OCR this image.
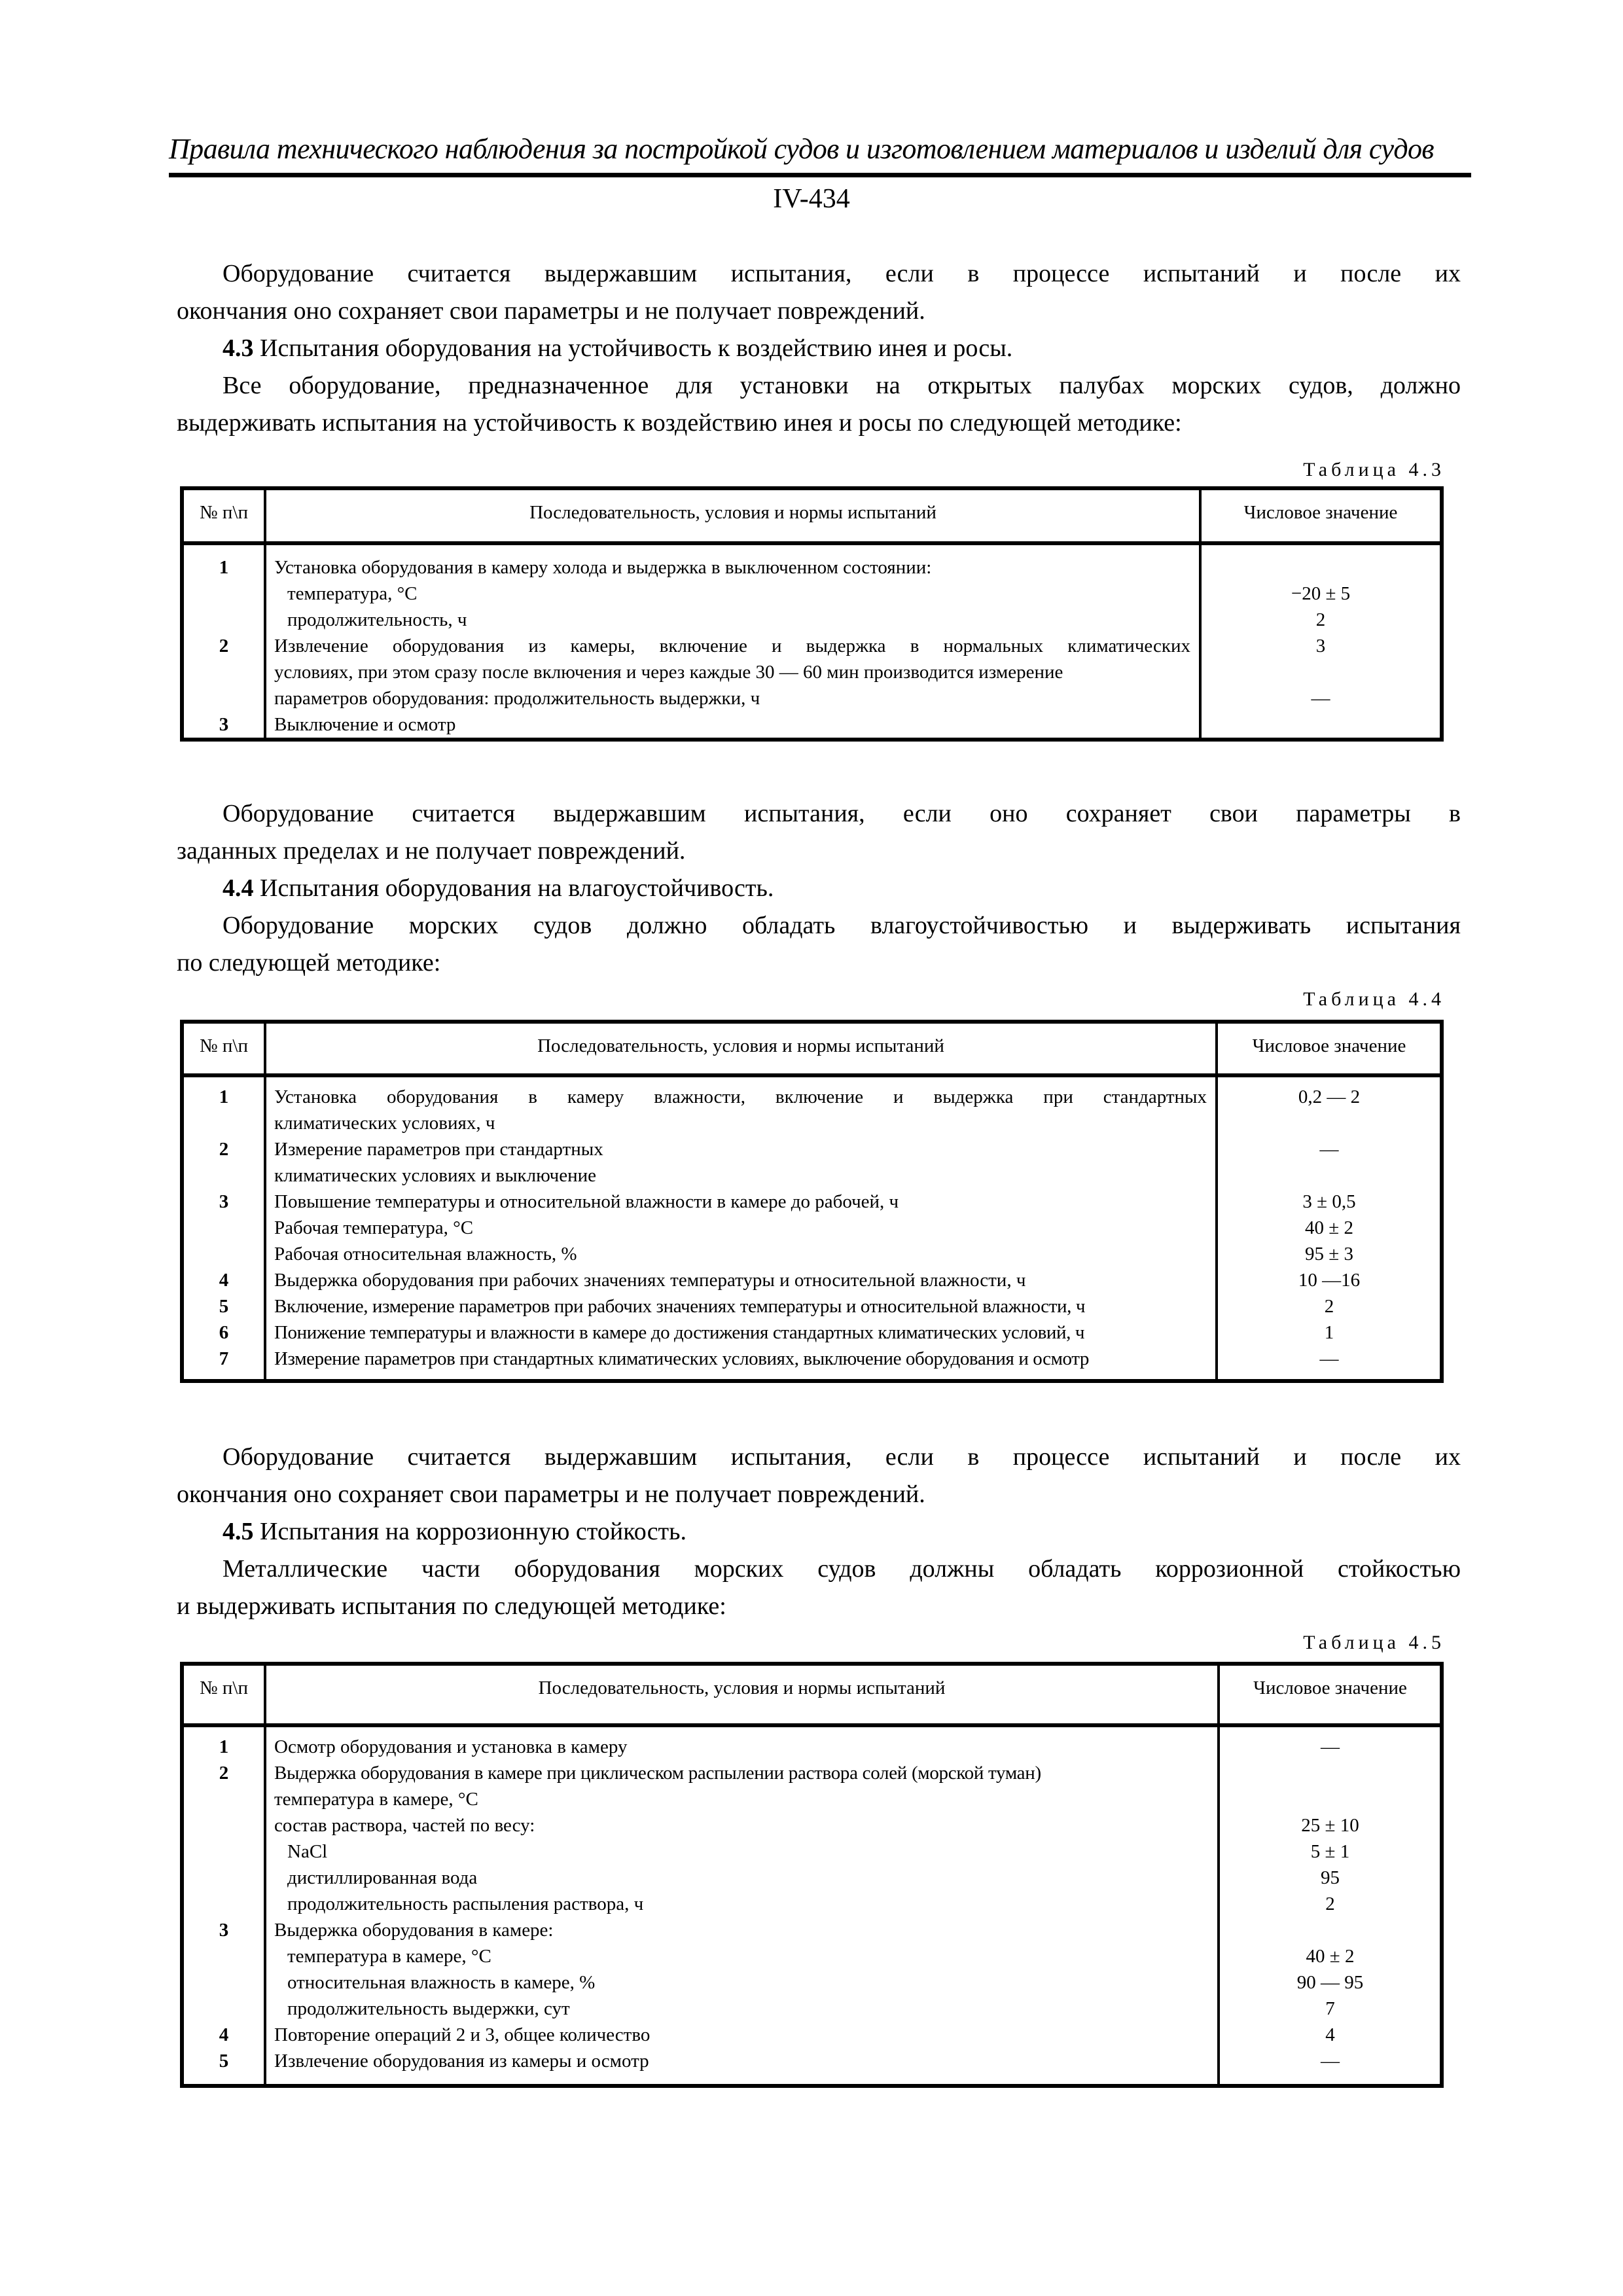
Правила технического наблюдения за постройкой судов и изготовлением материалов и изделий для судов
IV-434
Оборудование считается выдержавшим испытания, если в процессе испытаний и после их
окончания оно сохраняет свои параметры и не получает повреждений.
4.3 Испытания оборудования на устойчивость к воздействию инея и росы.
Все оборудование, предназначенное для установки на открытых палубах морских судов, должно
выдерживать испытания на устойчивость к воздействию инея и росы по следующей методике:
Таблица 4.3
№ п\п	Последовательность, условия и нормы испытаний	Числовое значение
1	Установка оборудования в камеру холода и выдержка в выключенном состоянии:
температура, °C	−20 ± 5
продолжительность, ч	2
2	Извлечение оборудования из камеры, включение и выдержка в нормальных климатических	3
условиях, при этом сразу после включения и через каждые 30 — 60 мин производится измерение
параметров оборудования: продолжительность выдержки, ч	—
3	Выключение и осмотр
Оборудование считается выдержавшим испытания, если оно сохраняет свои параметры в
заданных пределах и не получает повреждений.
4.4 Испытания оборудования на влагоустойчивость.
Оборудование морских судов должно обладать влагоустойчивостью и выдерживать испытания
по следующей методике:
Таблица 4.4
№ п\п	Последовательность, условия и нормы испытаний	Числовое значение
1	Установка оборудования в камеру влажности, включение и выдержка при стандартных	0,2 — 2
климатических условиях, ч
2	Измерение параметров при стандартных	—
климатических условиях и выключение
3	Повышение температуры и относительной влажности в камере до рабочей, ч	3 ± 0,5
Рабочая температура, °C	40 ± 2
Рабочая относительная влажность, %	95 ± 3
4	Выдержка оборудования при рабочих значениях температуры и относительной влажности, ч	10 —16
5	Включение, измерение параметров при рабочих значениях температуры и относительной влажности, ч	2
6	Понижение температуры и влажности в камере до достижения стандартных климатических условий, ч	1
7	Измерение параметров при стандартных климатических условиях, выключение оборудования и осмотр	—
Оборудование считается выдержавшим испытания, если в процессе испытаний и после их
окончания оно сохраняет свои параметры и не получает повреждений.
4.5 Испытания на коррозионную стойкость.
Металлические части оборудования морских судов должны обладать коррозионной стойкостью
и выдерживать испытания по следующей методике:
Таблица 4.5
№ п\п	Последовательность, условия и нормы испытаний	Числовое значение
1	Осмотр оборудования и установка в камеру	—
2	Выдержка оборудования в камере при циклическом распылении раствора солей (морской туман)
температура в камере, °C
состав раствора, частей по весу:	25 ± 10
NaCl	5 ± 1
дистиллированная вода	95
продолжительность распыления раствора, ч	2
3	Выдержка оборудования в камере:
температура в камере, °C	40 ± 2
относительная влажность в камере, %	90 — 95
продолжительность выдержки, сут	7
4	Повторение операций 2 и 3, общее количество	4
5	Извлечение оборудования из камеры и осмотр	—
